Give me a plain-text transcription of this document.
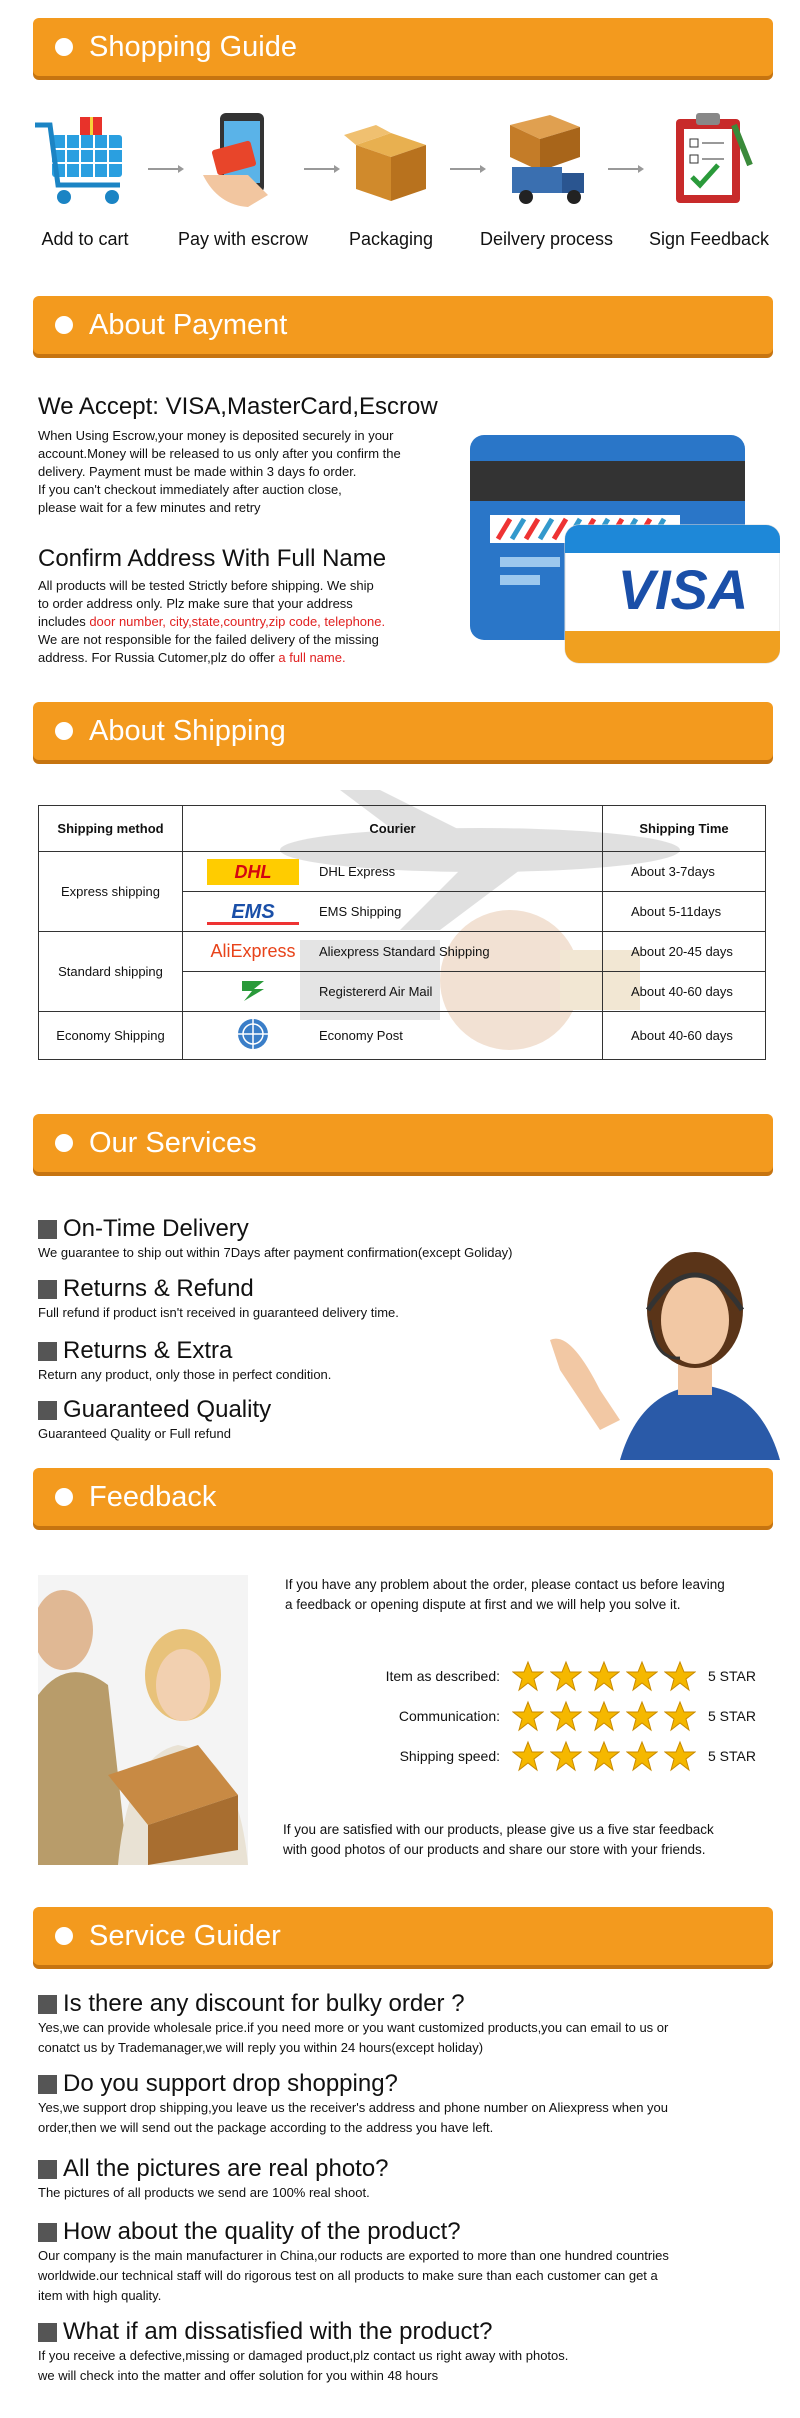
Shopping Guide
Add to cart	Pay with escrow	Packaging	Deilvery process Sign Feedback
About Payment
We Accept: VISA,MasterCard,Escrow
When Using Escrow,your money is deposited securely in your
account.Money will be released to us only after you confirm the
delivery. Payment must be made within 3 days fo order.
If you can't checkout immediately after auction close,
please wait for a few minutes and retry
Confirm Address With Full Name
All products will be tested Strictly before shipping. We ship
to order address only. Plz make sure that your address
includes door number, city,state,country,zip code, telephone.
We are not responsible for the failed delivery of the missing
address. For Russia Cutomer,plz do offer a full name.
VISA
About Shipping
Shipping method	Courier	Shipping Time
Express shipping	DHL DHL Express	About 3-7days

	EMS EMS Shipping	About 5-11days
Standard shipping	AliExpress Aliexpress Standard Shipping	About 20-45 days

	Registererd Air Mail	About 40-60 days
Economy Shipping	Economy Post	About 40-60 days
Our Services
On-Time Delivery
We guarantee to ship out within 7Days after payment confirmation(except Goliday)
Returns & Refund
Full refund if product isn't received in guaranteed delivery time.
Returns & Extra
Return any product, only those in perfect condition.
Guaranteed Quality
Guaranteed Quality or Full refund
Feedback
If you have any problem about the order, please contact us before leaving
a feedback or opening dispute at first and we will help you solve it.
Item as described:	5 STAR
Communication:	5 STAR
Shipping speed:	5 STAR
If you are satisfied with our products, please give us a five star feedback
with good photos of our products and share our store with your friends.
Service Guider
Is there any discount for bulky order ?
Yes,we can provide wholesale price.if you need more or you want customized products,you can email to us or
conatct us by Trademanager,we will reply you within 24 hours(except holiday)
Do you support drop shopping?
Yes,we support drop shipping,you leave us the receiver's address and phone number on Aliexpress when you
order,then we will send out the package according to the address you have left.
All the pictures are real photo?
The pictures of all products we send are 100% real shoot.
How about the quality of the product?
Our company is the main manufacturer in China,our roducts are exported to more than one hundred countries
worldwide.our technical staff will do rigorous test on all products to make sure than each customer can get a
item with high quality.
What if am dissatisfied with the product?
If you receive a defective,missing or damaged product,plz contact us right away with photos.
we will check into the matter and offer solution for you within 48 hours
